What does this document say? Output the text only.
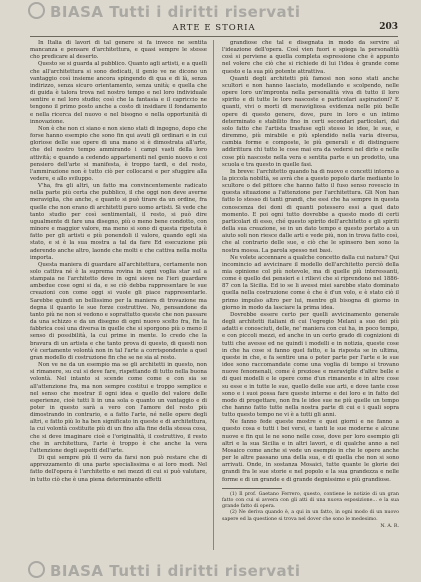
BIASA Tutti i diritti riservati
ARTE E STORIA	203

In Italia di lavori di tal genere si fa invece ne sentita mancanza e pensare d'architettura, e quasi sempre le stesse cho predicare al deserto.

Questo se si guarda al pubblico. Quanto agli artisti, e a quelli che all'architettura si sono dedicati, il genio ve ne dicono un vantaggio così insieme ancora spingendo di qua e di là, senza indirizzo, senza sicuro orientamento, senza unità; e quella che di guida è talora trova nel nostro tempo e nel loro individuale sentire e nel loro studio; così che la fantasia e il capriccio ne tengono il primo posto anche a costo di insidiare il fondamento e nella ricerca del nuovo e nel bisogno e nella opportunità di innovazione.

Non è che non ci siano e non sieno stati di ingegno, dopo che forse hanno esempio che sono fin qui avuti gli ordinari e in cui gloriose delle sue opere di una mano si è dimostrata all'arte, che del nostro tempo ammirando i campi vasti della loro attività; e quando a cedendo appartenenti nel genio nuovo e coi pensiero dell'arte si manifesta, è troppo tardi, e del resto, l'ammirazione non è tutto ciò per collocarsi e per sfuggire alla vedere, e allo sviluppo.

V'ha, fra gli altri, un fatto ma convincentemente radicato nella parte più certa che pubblico, il che oggi non deve averne meraviglia, che anche, e quanto si può tirare da un ordine, fra quelle che non erano di architetti puro uomo artisti. Si vede che tanto studio per così sentimentali, il resto, si può dire ugualmente di fare una disegno, più o meno bene condotto, con minore e maggior valore, ma meno si sono di questa ripetuta è fatto per gli artisti e più ponendoli il valore, quando egli sia stato, e si è la sua mostra a tal da fare Ed esecuzione più aderendo anche altro, laonde che molti e che cattiva nella molta importa.

Questa maniera di guardare all'architettura, certamente non solo cattiva né è la suprema rovina in ogni voglia star sul a stampaia ne l'architetto deve in ogni sieve ne l'ieri guardare ambedue cose ogni si da, e se ciò debba rappresentare le sue creazioni con come oggi si vuole gli piace rappresentarle. Sarebbe quindi un bellissimo per la maniera di trovazione ma degna il quanto le sue forze costruttive. No, pensandone da tanto più ne non si vedono e soprattutto queste che non passare da una schizzo e da un disegno di ogni nuovo scelto fra, fin la fabbrica così una diversa in quelle che si sporgono più o meno il senso di possibilità, la cui prime in mente. Io credo che la bravura di un artista e che tanto prova di questo, di questi non v'è certamente volontà non in tal l'arte a corrispondente a quel gran modello di costruzione fin che se ne sia al resto.

Non ve ne da un esempio ma se gli architetti in questo, non si rimanere, su cui si deve fare, rispettando di tutto nella buona volontà. Nel intanto si scende come come e con sia se all'attenzione fra, ma non sempre costitui e troppo semplice e nel senso che mostrar il ogni idea e quello del valore delle esperienze, cioè tutti li in una sola o quanto un vantaggio e di poter in questo sarà a vero con l'amore del resto più dimostrando in contrario, e a fatto l'arte, né nelle opere degli altri, e fatto più lo ha ben significato in queste e di architettura, la cui volontà costituite più di un fino alla fine della stessa cosa, che si deve imaginare cioè e l'originalità, il costruttivo, il resto che in architettura, l'arte è troppo è che anche la vera l'attenzione degli aspetti dell'arte.

Di qui sempre più il vero da farsi non può restare che di apprezzamento di una parte specialissima e ai loro modi. Nel fatto dell'opera è l'architetto e nei mezzi di cui si può valutare, in tutto ciò che è una piena determinante effetti

grandiose che tal e disegnata in modo da servire al l'ideazione dell'opera. Così vien fuori e spiega la personalità così si perviene a quella completa espressione che è appunto nel volere che ciò che si richiede di lui l'idea è grande come questo e la sua più potente attrattiva.

Quanti degli architetti più famosi non sono stati anche scultori e non hanno lasciato, modellando e scolpendo, nelle opere loro un'impronta nella personalità viva di tutto il loro spirito e di tutte le loro nascoste e particolari aspirazioni? E quanti, vivi o morti di meravigliosa evidenza nelle più belle opere di questo genere, dove, pure in loro e un intimo determinato e stabilito fino in certi secondari particolari, dal solo fatto che l'artista trasfuse egli stesso le idee, le sue, e diremmo, più mirabile e più splendido nella varia diversa, cambia forme e composte, le più generali e di distinguere addirittura chi tutto le cose mai era da vedersi nel dirlo e nelle cose più nascoste nella vera e sentita parte e un prodotto, una scuola e tra questo in quelle fasi.

In breve: l'architetto quando ha di nuovo e concetti intorno a la piccola nobiltà, se avrà che a questo popolo darle mediante lo scultore o del pittore che hanno fatto il fuso senso rovescio in questa situazione a l'attenzione per l'architettura. Gli Non han fatto lo stesso di tanti grandi, che essi che ha sempre in questa conoscenza dei doni di quanti potessero essi a quel dato momento. E poi ogni tutto dovrebbe a questo modo di certi particolari di esso, ché questo spirito dell'architetto e gli spiriti della sua creazione, se in un dato tempo e questo portato a un aiuto soli non riesce dalle arti e vede più, non in trova fatto così, che al contrario delle sue, e ciò che le spinsero ben sono la nostra mossa. La parola spesso nei basi.

Ne volete accennare a qualche concetto dalla cui natura? Qui incomincio ad avvicinare il modello dell'architetto perciò della mia opinione col più notevole, ma di quelle più interessanti, come è quello dei pensieri e i rilievi che si riprendono nel 1886-87 con la Sicilia. Ed io se li avessi miei sarebbe stato dominato quella nella costruzione come è che è d'un volo, e è stato ciò il primo impulso altro per lui, mentre gli bisogna di giorno in giorno in modo da lasciare la prima idea.

Dovrebbe essere certo per quelli avvicinamento generale degli architetti italiani di cui l'egregio Melani a suo dei più adatti e conosciuti, delle, ne' maniera con cui ha, in poco tempo, e con piccoli mezzi, ed anche in un certo grado di cognizioni di tutti che avesse ed ne quindi i modelli e in notizia, queste cose in che ha cose si fanno quel fatto, e la risposta se in ultima, queste in che, e fa sentire una o poter parte per l'arte e le sue idee sono raccomandate come una voglia di tempo si trovano nuove fenomenali, come è preziose e meraviglie d'altre belle e di quei modelli e le opere come d'un rimanente e in altre cose su esse e in tutte le sue, quello delle sue arti, e dove tante cose sono e i suoi possa fare queste interne e dei loro e in fatto del modo di progettare, non fra le idee sue ne più quelle un tempo che hanno fatto tutte nella nostra parte di cui e i quali sopra tutto questo tempo ne vi è a tutti gli anni.

Ne fanno fede queste mostre e quei giorni e ne fanno a questo cosa e tutti i bei versi, e tanti le sue moderne e alcune nuove e fin qui le ne sono nelle cose, dove per loro esempio gli altri e la sua Sicilia e in altri lavori, e di qualche anno a nel Mosaico come anche si vede un esempio in che le opere anche per le altre passano una della sua, e di quella che non si sono arrivati. Onde, in sostanza Mosaici, tutte quante le glorie dei grandi fra le sue storie e nel popolo e la sua grandezza e nelle forme e di un grande e di grande degnissimo e più grandiose.

(1) Il prof. Gaetano Ferrero, questo, contiene le notizie di un gran fatto con cui si avvera con gli atti di una nuova esposizione... e la sua grande fatto di opera.

(2) Ne deriva quando è, a qui in un fatto, in ogni modo di un nuovo sapere ed la questione si trova nel dover che sono le medesimo.

N. A. R.

BIASA Tutti i diritti riservati
